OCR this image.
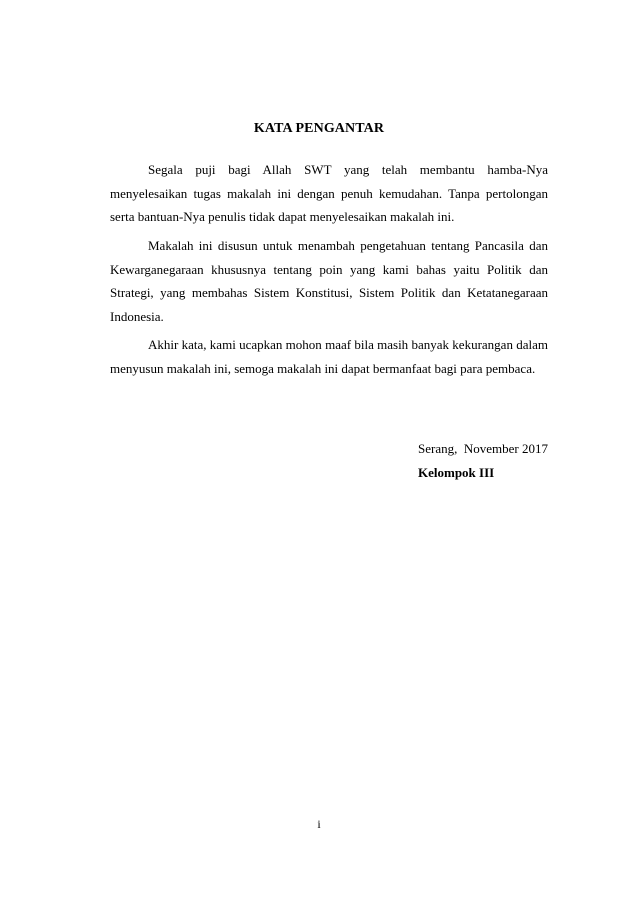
KATA PENGANTAR

Segala puji bagi Allah SWT yang telah membantu hamba-Nya menyelesaikan tugas makalah ini dengan penuh kemudahan. Tanpa pertolongan serta bantuan-Nya penulis tidak dapat menyelesaikan makalah ini.

Makalah ini disusun untuk menambah pengetahuan tentang Pancasila dan Kewarganegaraan khususnya tentang poin yang kami bahas yaitu Politik dan Strategi, yang membahas Sistem Konstitusi, Sistem Politik dan Ketatanegaraan Indonesia.

Akhir kata, kami ucapkan mohon maaf bila masih banyak kekurangan dalam menyusun makalah ini, semoga makalah ini dapat bermanfaat bagi para pembaca.

Serang,  November 2017
Kelompok III
i
